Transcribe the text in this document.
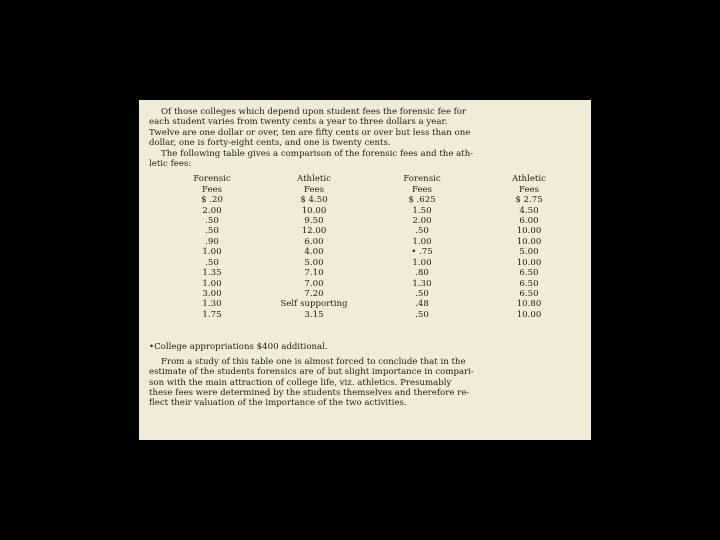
Of those colleges which depend upon student fees the forensic fee for
each student varies from twenty cents a year to three dollars a year.
Twelve are one dollar or over, ten are fifty cents or over but less than one
dollar, one is forty-eight cents, and one is twenty cents.
The following table gives a comparison of the forensic fees and the ath-
letic fees:
Forensic
Fees
$ .20
2.00
.50
.50
.90
1.00
.50
1.35
1.00
3.00
1.30
1.75
Athletic
Fees
$ 4.50
10.00
9.50
12.00
6.00
4.00
5.00
7.10
7.00
7.20
Self supporting
3.15
Forensic
Fees
$ .625
1.50
2.00
.50
1.00
• .75
1.00
.80
1.30
.50
.48
.50
Athletic
Fees
$ 2.75
4.50
6.00
10.00
10.00
5.00
10.00
6.50
6.50
6.50
10.80
10.00
•College appropriations $400 additional.
From a study of this table one is almost forced to conclude that in the
estimate of the students forensics are of but slight importance in compari-
son with the main attraction of college life, viz. athletics. Presumably
these fees were determined by the students themselves and therefore re-
flect their valuation of the importance of the two activities.
